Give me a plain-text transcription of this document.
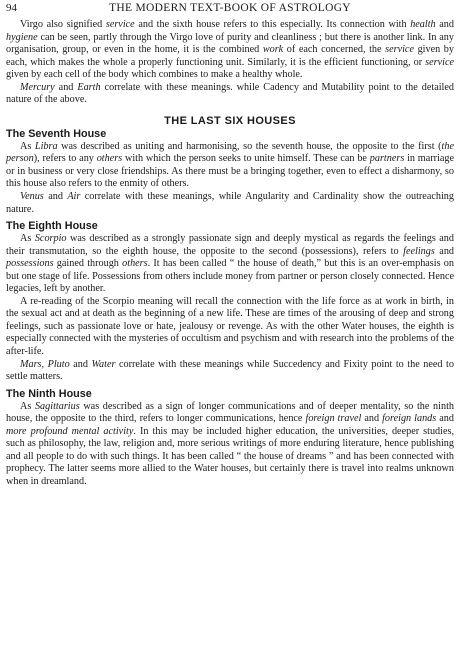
94	THE MODERN TEXT-BOOK OF ASTROLOGY

Virgo also signified service and the sixth house refers to this especially. Its connection with health and hygiene can be seen, partly through the Virgo love of purity and cleanliness ; but there is another link. In any organisation, group, or even in the home, it is the combined work of each concerned, the service given by each, which makes the whole a properly functioning unit. Similarly, it is the efficient functioning, or service given by each cell of the body which combines to make a healthy whole.

Mercury and Earth correlate with these meanings. while Cadency and Mutability point to the detailed nature of the above.

THE LAST SIX HOUSES
The Seventh House

As Libra was described as uniting and harmonising, so the seventh house, the opposite to the first (the person), refers to any others with which the person seeks to unite himself. These can be partners in marriage or in business or very close friendships. As there must be a bringing together, even to effect a disharmony, so this house also refers to the enmity of others.

Venus and Air correlate with these meanings, while Angularity and Cardinality show the outreaching nature.

The Eighth House

As Scorpio was described as a strongly passionate sign and deeply mystical as regards the feelings and their transmutation, so the eighth house, the opposite to the second (possessions), refers to feelings and possessions gained through others. It has been called “ the house of death,” but this is an over-emphasis on but one stage of life. Possessions from others include money from partner or person closely connected. Hence legacies, left by another.

A re-reading of the Scorpio meaning will recall the connection with the life force as at work in birth, in the sexual act and at death as the beginning of a new life. These are times of the arousing of deep and strong feelings, such as passionate love or hate, jealousy or revenge. As with the other Water houses, the eighth is especially connected with the mysteries of occultism and psychism and with research into the problems of the after-life.

Mars, Pluto and Water correlate with these meanings while Succedency and Fixity point to the need to settle matters.

The Ninth House

As Sagittarius was described as a sign of longer communications and of deeper mentality, so the ninth house, the opposite to the third, refers to longer communications, hence foreign travel and foreign lands and more profound mental activity. In this may be included higher education, the universities, deeper studies, such as philosophy, the law, religion and, more serious writings of more enduring literature, hence publishing and all people to do with such things. It has been called “ the house of dreams ” and has been connected with prophecy. The latter seems more allied to the Water houses, but certainly there is travel into realms unknown when in dreamland.
